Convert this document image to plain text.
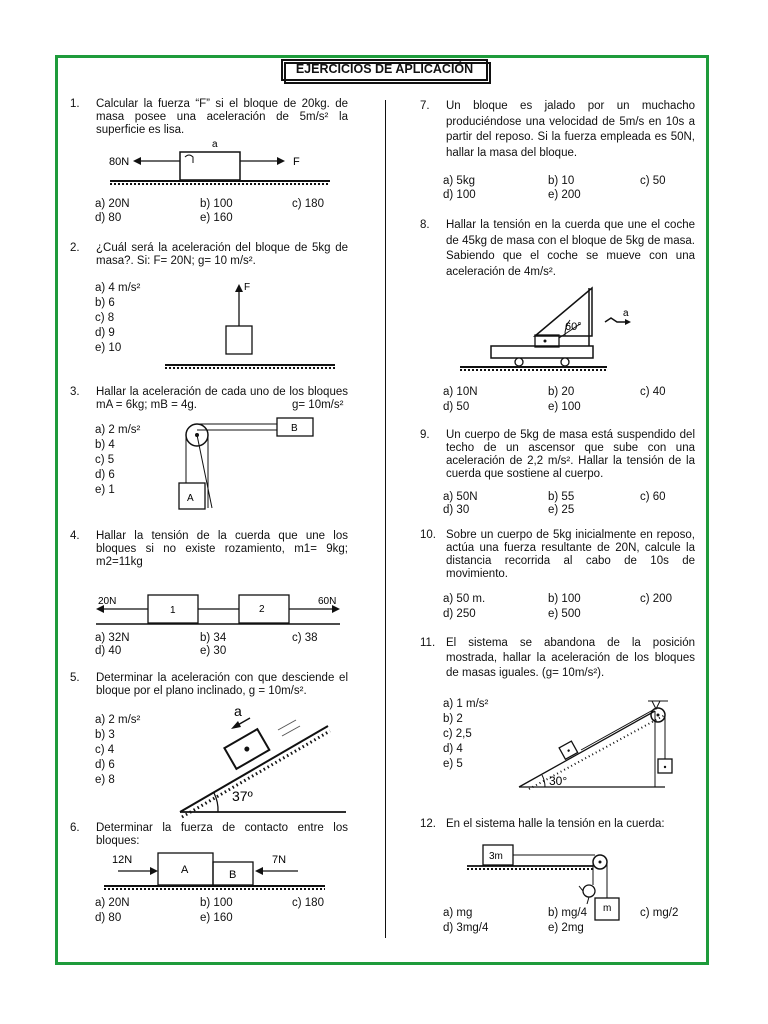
EJERCICIOS DE APLICACIÓN
1. Calcular la fuerza “F” si el bloque de 20kg. de masa posee una aceleración de 5m/s² la superficie es lisa.
80N	F
a
a) 20N	b) 100	c) 180
d) 80	e) 160
2. ¿Cuál será la aceleración del bloque de 5kg de masa?. Si: F= 20N; g= 10 m/s².
a) 4 m/s²
b) 6
c) 8
d) 9
e) 10
F
3. Hallar la aceleración de cada uno de los bloques mA = 6kg; mB = 4g.	g= 10m/s²
a) 2 m/s²
b) 4
c) 5
d) 6
e) 1
B
A
4. Hallar la tensión de la cuerda que une los bloques si no existe rozamiento, m1= 9kg; m2=11kg
20N
1	2
60N
a) 32N	b) 34	c) 38
d) 40	e) 30
5. Determinar la aceleración con que desciende el bloque por el plano inclinado, g = 10m/s².
a) 2 m/s²
b) 3
c) 4
d) 6
e) 8
a
37º
6. Determinar la fuerza de contacto entre los bloques:
12N
A	B
7N
a) 20N	b) 100	c) 180
d) 80	e) 160
7. Un bloque es jalado por un muchacho produciéndose una velocidad de 5m/s en 10s a partir del reposo. Si la fuerza empleada es 50N, hallar la masa del bloque.
a) 5kg	b) 10	c) 50
d) 100	e) 200
8. Hallar la tensión en la cuerda que une el coche de 45kg de masa con el bloque de 5kg de masa. Sabiendo que el coche se mueve con una aceleración de 4m/s².
60°
a
a) 10N	b) 20	c) 40
d) 50	e) 100
9. Un cuerpo de 5kg de masa está suspendido del techo de un ascensor que sube con una aceleración de 2,2 m/s². Hallar la tensión de la cuerda que sostiene al cuerpo.
a) 50N	b) 55	c) 60
d) 30	e) 25
10. Sobre un cuerpo de 5kg inicialmente en reposo, actúa una fuerza resultante de 20N, calcule la distancia recorrida al cabo de 10s de movimiento.
a) 50 m.	b) 100	c) 200
d) 250	e) 500
11. El sistema se abandona de la posición mostrada, hallar la aceleración de los bloques de masas iguales. (g= 10m/s²).
a) 1 m/s²
b) 2
c) 2,5
d) 4
e) 5
30°
12. En el sistema halle la tensión en la cuerda:
3m
m
a) mg	b) mg/4	c) mg/2
d) 3mg/4	e) 2mg
